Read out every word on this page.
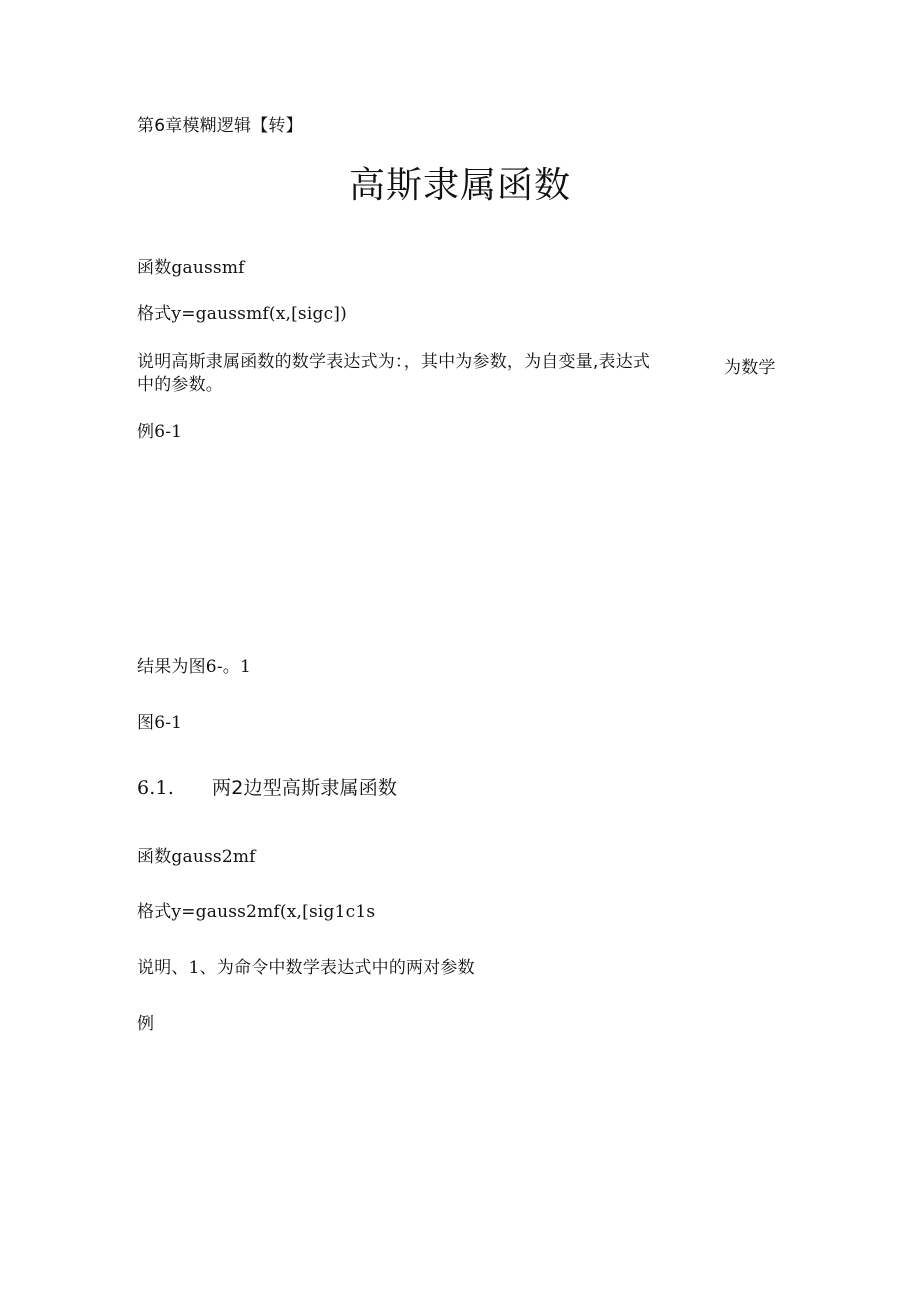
第6章模糊逻辑【转】
高斯隶属函数
函数gaussmf
格式y=gaussmf(x,[sigc])
说明高斯隶属函数的数学表达式为：，其中为参数，为自变量,表达式	为数学
中的参数。
例6-1
结果为图6-。1
图6-1
6.1. 两2边型高斯隶属函数
函数gauss2mf
格式y=gauss2mf(x,[sig1c1s
说明、1、为命令中数学表达式中的两对参数
例
